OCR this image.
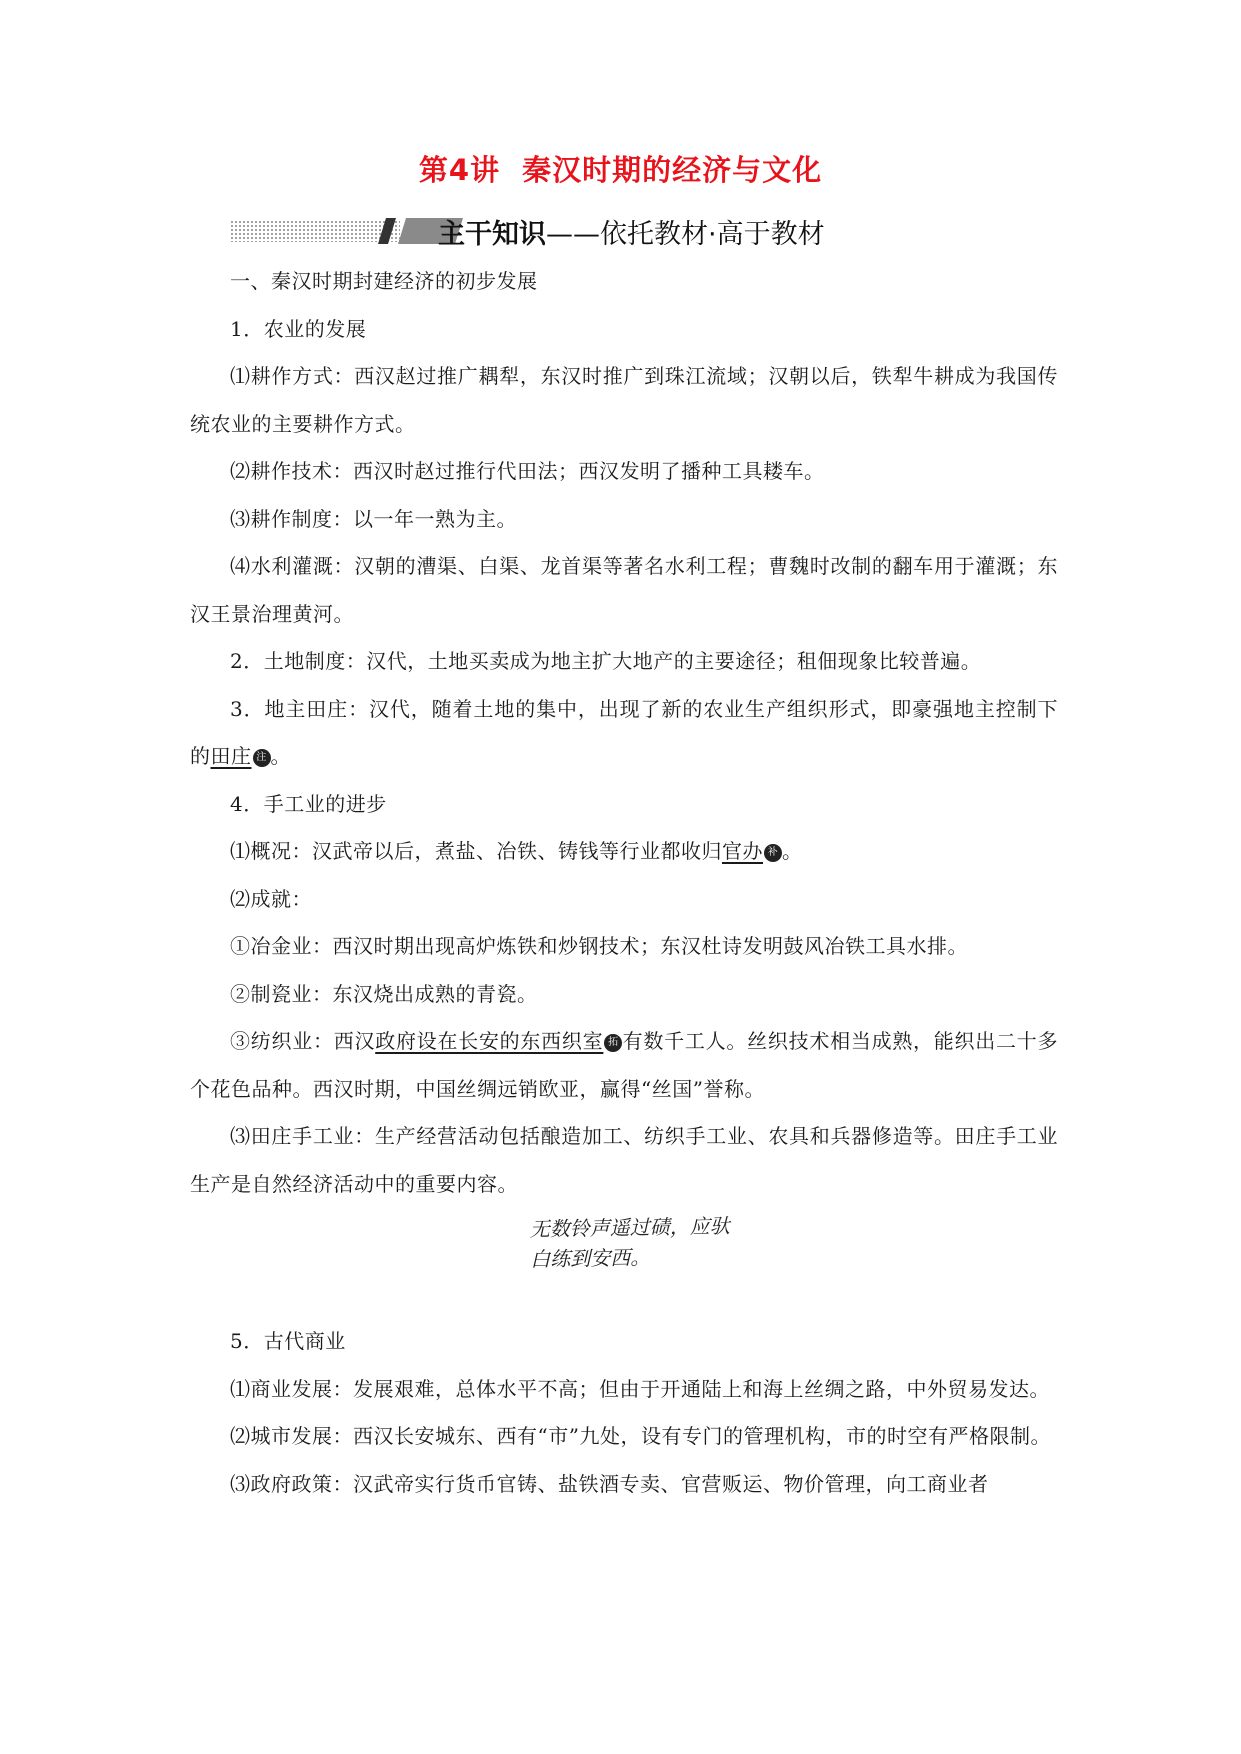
第4讲 秦汉时期的经济与文化
主干知识——依托教材·高于教材

一、秦汉时期封建经济的初步发展

1．农业的发展

⑴耕作方式：西汉赵过推广耦犁，东汉时推广到珠江流域；汉朝以后，铁犁牛耕成为我国传统农业的主要耕作方式。

⑵耕作技术：西汉时赵过推行代田法；西汉发明了播种工具耧车。

⑶耕作制度：以一年一熟为主。

⑷水利灌溉：汉朝的漕渠、白渠、龙首渠等著名水利工程；曹魏时改制的翻车用于灌溉；东汉王景治理黄河。

2．土地制度：汉代，土地买卖成为地主扩大地产的主要途径；租佃现象比较普遍。

3．地主田庄：汉代，随着土地的集中，出现了新的农业生产组织形式，即豪强地主控制下的田庄 注 。

4．手工业的进步

⑴概况：汉武帝以后，煮盐、冶铁、铸钱等行业都收归官办 补 。

⑵成就：

①冶金业：西汉时期出现高炉炼铁和炒钢技术；东汉杜诗发明鼓风冶铁工具水排。

②制瓷业：东汉烧出成熟的青瓷。

③纺织业：西汉政府设在长安的东西织室 拓 有数千工人。丝织技术相当成熟，能织出二十多个花色品种。西汉时期，中国丝绸远销欧亚，赢得“丝国”誉称。

⑶田庄手工业：生产经营活动包括酿造加工、纺织手工业、农具和兵器修造等。田庄手工业生产是自然经济活动中的重要内容。

无数铃声遥过碛，应驮
白练到安西。

5．古代商业

⑴商业发展：发展艰难，总体水平不高；但由于开通陆上和海上丝绸之路，中外贸易发达。

⑵城市发展：西汉长安城东、西有“市”九处，设有专门的管理机构，市的时空有严格限制。

⑶政府政策：汉武帝实行货币官铸、盐铁酒专卖、官营贩运、物价管理，向工商业者
